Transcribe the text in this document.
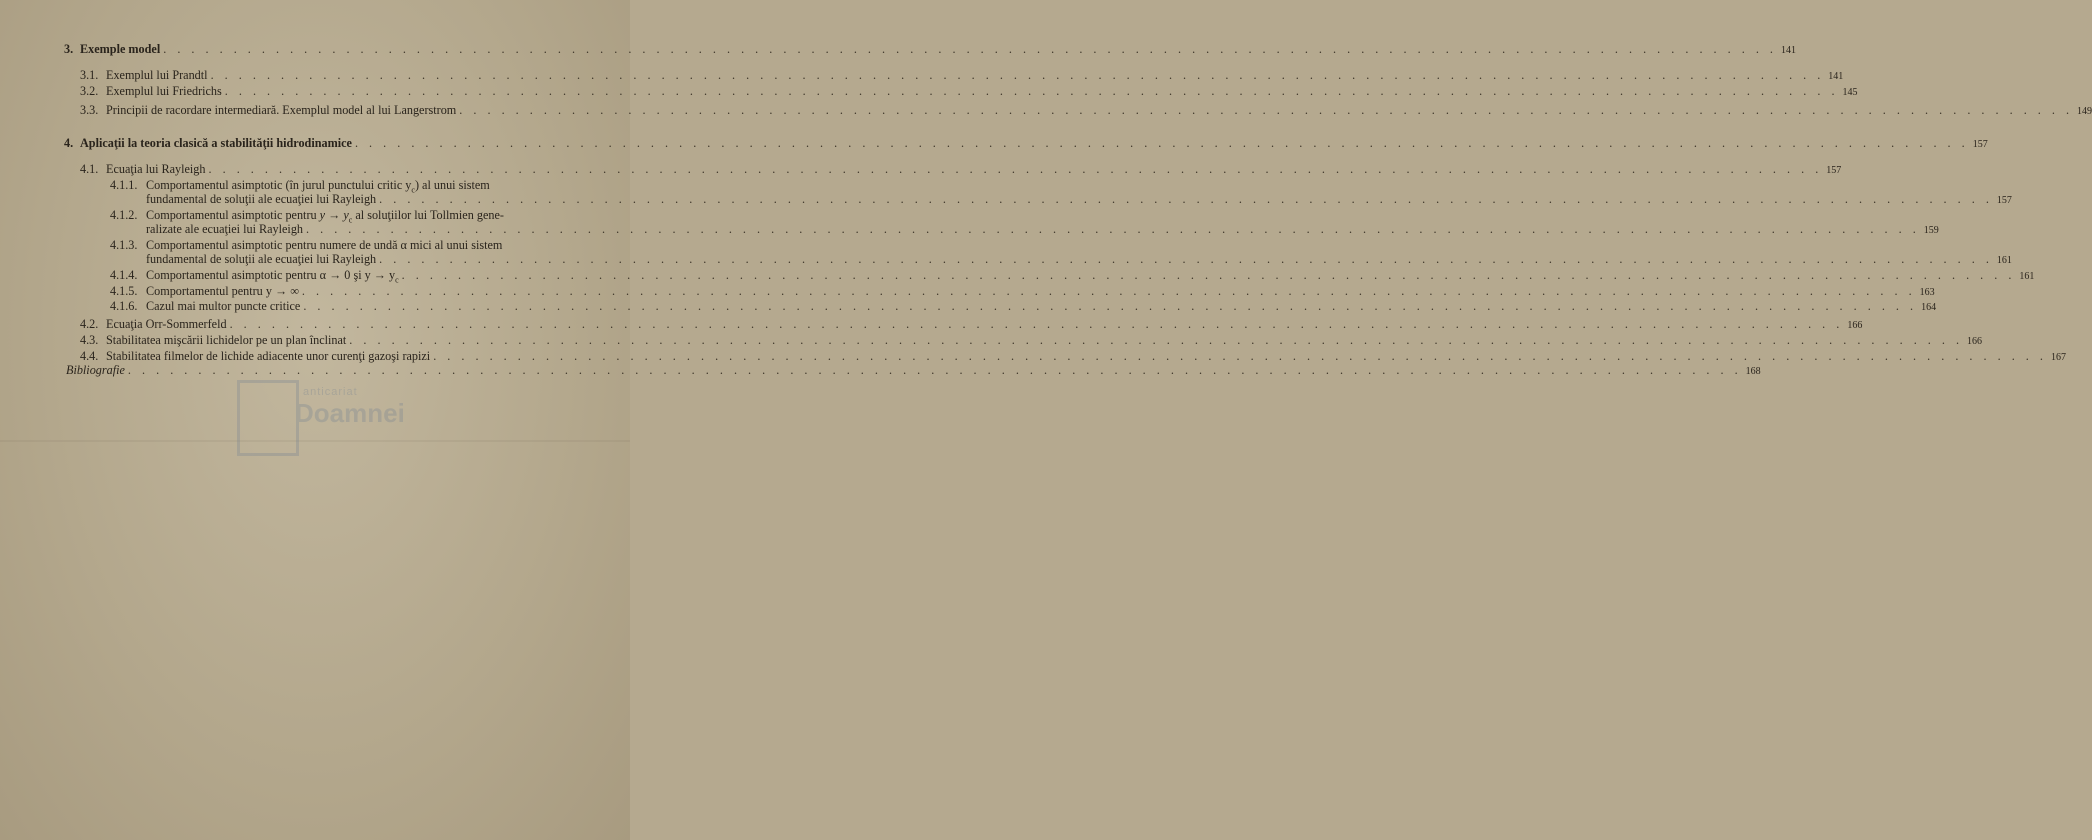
3. Exemple model . . .	141
3.1. Exemplul lui Prandtl . . .	141
3.2. Exemplul lui Friedrichs . . .	145
3.3. Principii de racordare intermediară. Exemplul model al lui Langerstrom . . .	149
4. Aplicaţii la teoria clasică a stabilităţii hidrodinamice . . .	157
4.1. Ecuaţia lui Rayleigh . . .	157
4.1.1. Comportamentul asimptotic (în jurul punctului critic $y_c$) al unui sistem
fundamental de soluţii ale ecuaţiei lui Rayleigh . . .	157
4.1.2. Comportamentul asimptotic pentru $y \to y_c$ al soluţiilor lui Tollmien gene-
ralizate ale ecuaţiei lui Rayleigh . . .	159
4.1.3. Comportamentul asimptotic pentru numere de undă α mici al unui sistem
fundamental de soluţii ale ecuaţiei lui Rayleigh . . .	161
4.1.4. Comportamentul asimptotic pentru α → 0 şi $y \to y_c$ . . .	161
4.1.5. Comportamentul pentru y → ∞ . . .	163
4.1.6. Cazul mai multor puncte critice . . .	164
4.2. Ecuaţia Orr-Sommerfeld . . .	166
4.3. Stabilitatea mişcării lichidelor pe un plan înclinat . . .	166
4.4. Stabilitatea filmelor de lichide adiacente unor curenţi gazoşi rapizi . . .	167
Bibliografie . . .	168
anticariat
Doamnei
